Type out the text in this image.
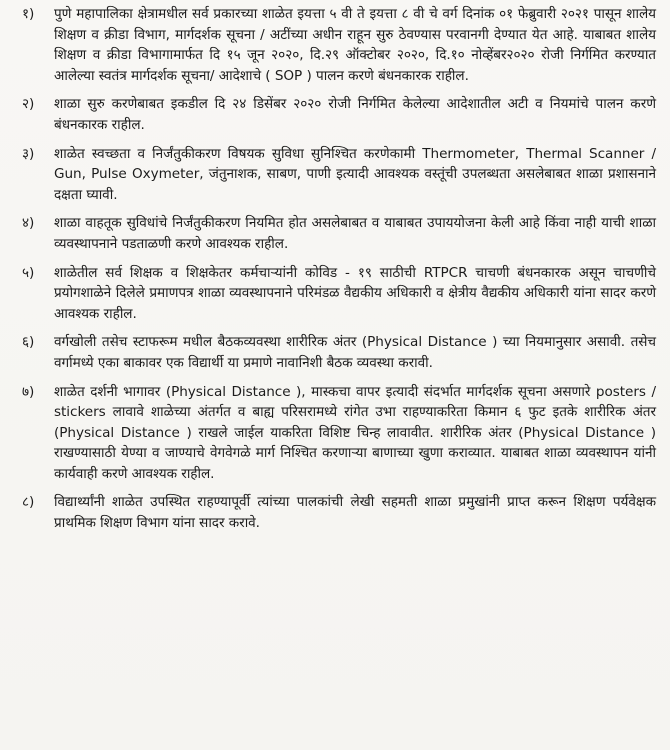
१)	पुणे महापालिका क्षेत्रामधील सर्व प्रकारच्या शाळेत इयत्ता ५ वी ते इयत्ता ८ वी चे वर्ग दिनांक ०१ फेब्रुवारी २०२१ पासून शालेय शिक्षण व क्रीडा विभाग, मार्गदर्शक सूचना / अटींच्या अधीन राहून सुरु ठेवण्यास परवानगी देण्यात येत आहे. याबाबत शालेय शिक्षण व क्रीडा विभागामार्फत दि १५ जून २०२०, दि.२९ ऑक्टोबर २०२०, दि.१० नोव्हेंबर२०२० रोजी निर्गमित करण्यात आलेल्या स्वतंत्र मार्गदर्शक सूचना/ आदेशाचे ( SOP ) पालन करणे बंधनकारक राहील.
२)	शाळा सुरु करणेबाबत इकडील दि २४ डिसेंबर २०२० रोजी निर्गमित केलेल्या आदेशातील अटी व नियमांचे पालन करणे बंधनकारक राहील.
३)	शाळेत स्वच्छता व निर्जंतुकीकरण विषयक सुविधा सुनिश्चित करणेकामी Thermometer, Thermal Scanner / Gun, Pulse Oxymeter, जंतुनाशक, साबण, पाणी इत्यादी आवश्यक वस्तूंची उपलब्धता असलेबाबत शाळा प्रशासनाने दक्षता घ्यावी.
४)	शाळा वाहतूक सुविधांचे निर्जंतुकीकरण नियमित होत असलेबाबत व याबाबत उपाययोजना केली आहे किंवा नाही याची शाळा व्यवस्थापनाने पडताळणी करणे आवश्यक राहील.
५)	शाळेतील सर्व शिक्षक व शिक्षकेतर कर्मचाऱ्यांनी कोविड - १९ साठीची RTPCR चाचणी बंधनकारक असून चाचणीचे प्रयोगशाळेने दिलेले प्रमाणपत्र शाळा व्यवस्थापनाने परिमंडळ वैद्यकीय अधिकारी व क्षेत्रीय वैद्यकीय अधिकारी यांना सादर करणे आवश्यक राहील.
६)	वर्गखोली तसेच स्टाफरूम मधील बैठकव्यवस्था शारीरिक अंतर (Physical Distance ) च्या नियमानुसार असावी. तसेच वर्गामध्ये एका बाकावर एक विद्यार्थी या प्रमाणे नावानिशी बैठक व्यवस्था करावी.
७)	शाळेत दर्शनी भागावर (Physical Distance ), मास्कचा वापर इत्यादी संदर्भात मार्गदर्शक सूचना असणारे posters / stickers लावावे शाळेच्या अंतर्गत व बाह्य परिसरामध्ये रांगेत उभा राहण्याकरिता किमान ६ फुट इतके शारीरिक अंतर (Physical Distance ) राखले जाईल याकरिता विशिष्ट चिन्ह लावावीत. शारीरिक अंतर (Physical Distance ) राखण्यासाठी येण्या व जाण्याचे वेगवेगळे मार्ग निश्चित करणाऱ्या बाणाच्या खुणा कराव्यात. याबाबत शाळा व्यवस्थापन यांनी कार्यवाही करणे आवश्यक राहील.
८)	विद्यार्थ्यांनी शाळेत उपस्थित राहण्यापूर्वी त्यांच्या पालकांची लेखी सहमती शाळा प्रमुखांनी प्राप्त करून शिक्षण पर्यवेक्षक प्राथमिक शिक्षण विभाग यांना सादर करावे.
